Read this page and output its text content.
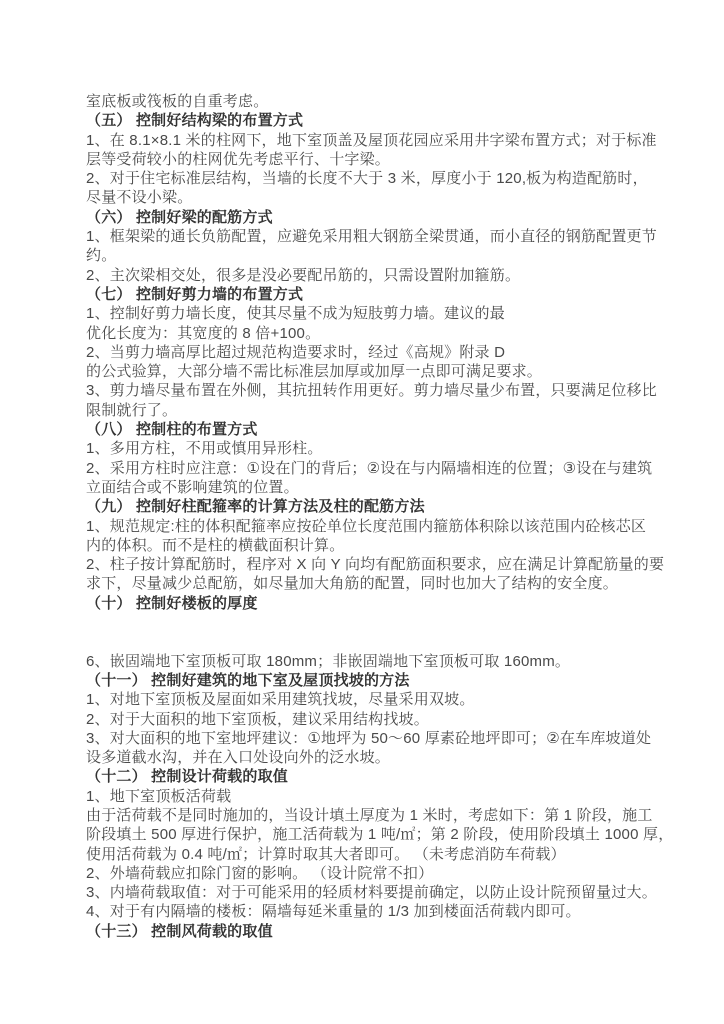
室底板或筏板的自重考虑。
（五） 控制好结构梁的布置方式
1、在 8.1×8.1 米的柱网下，地下室顶盖及屋顶花园应采用井字梁布置方式；对于标准
层等受荷较小的柱网优先考虑平行、十字梁。
2、对于住宅标准层结构，当墙的长度不大于 3 米，厚度小于 120,板为构造配筋时，
尽量不设小梁。
（六） 控制好梁的配筋方式
1、框架梁的通长负筋配置，应避免采用粗大钢筋全梁贯通，而小直径的钢筋配置更节
约。
2、主次梁相交处，很多是没必要配吊筋的，只需设置附加箍筋。
（七） 控制好剪力墙的布置方式
1、控制好剪力墙长度，使其尽量不成为短肢剪力墙。建议的最
优化长度为：其宽度的 8 倍+100。
2、当剪力墙高厚比超过规范构造要求时，经过《高规》附录 D
的公式验算，大部分墙不需比标准层加厚或加厚一点即可满足要求。
3、剪力墙尽量布置在外侧，其抗扭转作用更好。剪力墙尽量少布置，只要满足位移比
限制就行了。
（八） 控制柱的布置方式
1、多用方柱，不用或慎用异形柱。
2、采用方柱时应注意：①设在门的背后；②设在与内隔墙相连的位置；③设在与建筑
立面结合或不影响建筑的位置。
（九） 控制好柱配箍率的计算方法及柱的配筋方法
1、规范规定:柱的体积配箍率应按砼单位长度范围内箍筋体积除以该范围内砼核芯区
内的体积。而不是柱的横截面积计算。
2、柱子按计算配筋时，程序对 X 向 Y 向均有配筋面积要求，应在满足计算配筋量的要
求下，尽量减少总配筋，如尽量加大角筋的配置，同时也加大了结构的安全度。
（十） 控制好楼板的厚度
6、嵌固端地下室顶板可取 180mm；非嵌固端地下室顶板可取 160mm。
（十一） 控制好建筑的地下室及屋顶找坡的方法
1、对地下室顶板及屋面如采用建筑找坡，尽量采用双坡。
2、对于大面积的地下室顶板，建议采用结构找坡。
3、对大面积的地下室地坪建议：①地坪为 50～60 厚素砼地坪即可；②在车库坡道处
设多道截水沟，并在入口处设向外的泛水坡。
（十二） 控制设计荷载的取值
1、地下室顶板活荷载
由于活荷载不是同时施加的，当设计填土厚度为 1 米时，考虑如下：第 1 阶段，施工
阶段填土 500 厚进行保护，施工活荷载为 1 吨/㎡；第 2 阶段，使用阶段填土 1000 厚，
使用活荷载为 0.4 吨/㎡；计算时取其大者即可。 （未考虑消防车荷载）
2、外墙荷载应扣除门窗的影响。 （设计院常不扣）
3、内墙荷载取值：对于可能采用的轻质材料要提前确定，以防止设计院预留量过大。
4、对于有内隔墙的楼板：隔墙每延米重量的 1/3 加到楼面活荷载内即可。
（十三） 控制风荷载的取值
